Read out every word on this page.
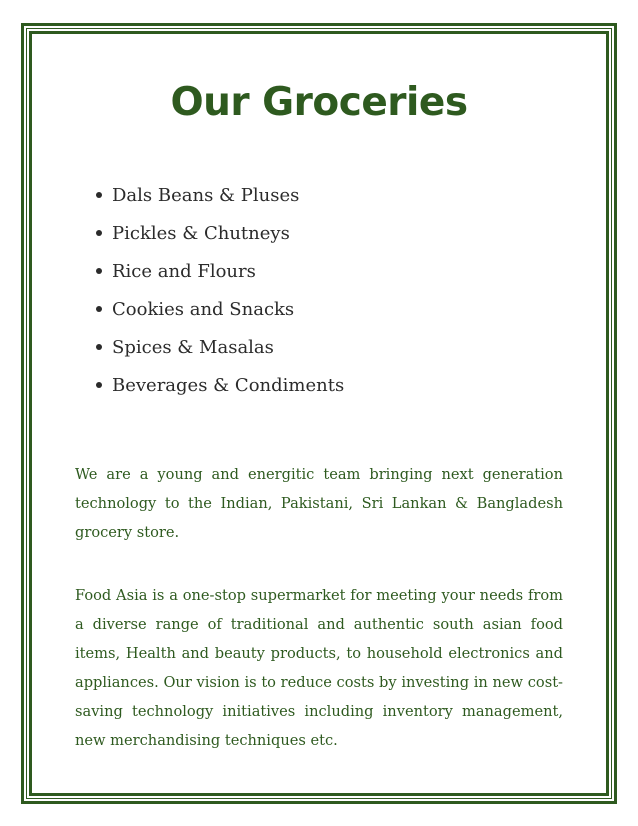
Our Groceries
Dals Beans & Pluses
Pickles & Chutneys
Rice and Flours
Cookies and Snacks
Spices & Masalas
Beverages & Condiments

We are a young and energitic team bringing next generation technology to the Indian, Pakistani, Sri Lankan & Bangladesh grocery store.

Food Asia is a one-stop supermarket for meeting your needs from a diverse range of traditional and authentic south asian food items, Health and beauty products, to household electronics and appliances. Our vision is to reduce costs by investing in new cost-saving technology initiatives including inventory management, new merchandising techniques etc.
